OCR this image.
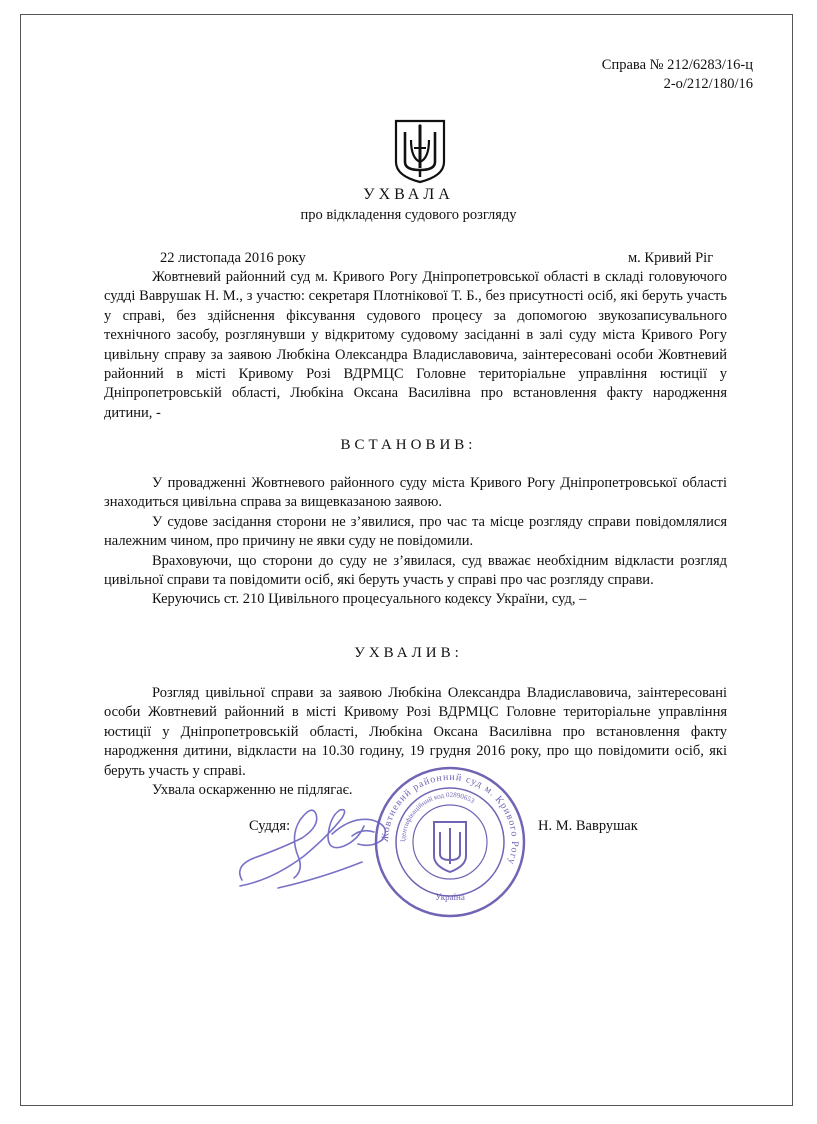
Справа № 212/6283/16-ц
2-о/212/180/16
УХВАЛА
про відкладення судового розгляду
22 листопада 2016 року	м. Кривий Ріг

Жовтневий районний суд м. Кривого Рогу Дніпропетровської області в складі головуючого судді Ваврушак Н. М., з участю: секретаря Плотнікової Т. Б., без присутності осіб, які беруть участь у справі, без здійснення фіксування судового процесу за допомогою звукозаписувального технічного засобу, розглянувши у відкритому судовому засіданні в залі суду міста Кривого Рогу цивільну справу за заявою Любкіна Олександра Владиславовича, заінтересовані особи Жовтневий районний в місті Кривому Розі ВДРМЦС Головне територіальне управління юстиції у Дніпропетровській області, Любкіна Оксана Василівна про встановлення факту народження дитини, -

ВСТАНОВИВ:

У провадженні Жовтневого районного суду міста Кривого Рогу Дніпропетровської області знаходиться цивільна справа за вищевказаною заявою.

У судове засідання сторони не з’явилися, про час та місце розгляду справи повідомлялися належним чином, про причину не явки суду не повідомили.

Враховуючи, що сторони до суду не з’явилася, суд вважає необхідним відкласти розгляд цивільної справи та повідомити осіб, які беруть участь у справі про час розгляду справи.

Керуючись ст. 210 Цивільного процесуального кодексу України, суд, –

УХВАЛИВ:

Розгляд цивільної справи за заявою Любкіна Олександра Владиславовича, заінтересовані особи Жовтневий районний в місті Кривому Розі ВДРМЦС Головне територіальне управління юстиції у Дніпропетровській області, Любкіна Оксана Василівна про встановлення факту народження дитини, відкласти на 10.30 годину, 19 грудня 2016 року, про що повідомити осіб, які беруть участь у справі.

Ухвала оскарженню не підлягає.

Суддя:	Н. М. Ваврушак
Жовтневий районний суд м. Кривого Рогу
Ідентифікаційний код 02890653
Україна
